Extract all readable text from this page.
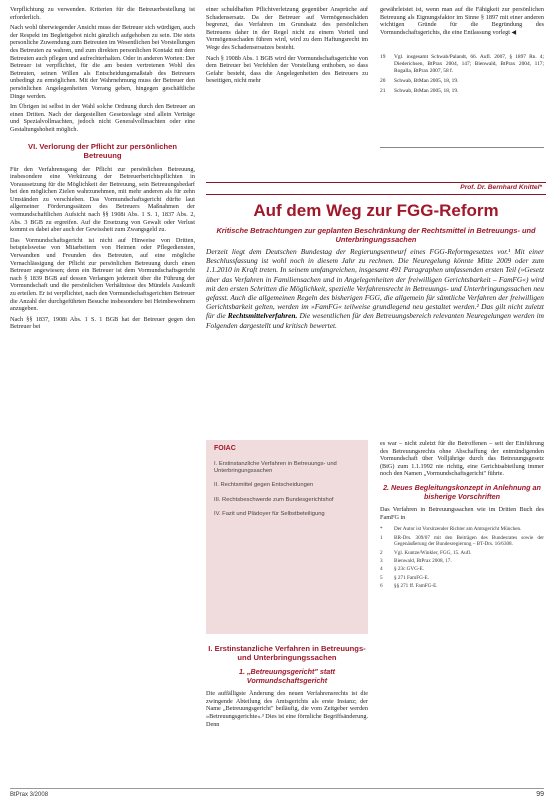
Verpflichtung zu verwenden. Kriterien für die Betreuerbestellung ist erforderlich.

Nach wohl überwiegender Ansicht muss der Betreuer sich würdigen, auch der Respekt im Begleitgebot nicht gänzlich aufgehoben zu sein. Die stets personliche Zuwendung zum Betreuten im Wesentlichen bei Vorstellungen des Betreuten zu wahren, und zum direkten personlichen Kontakt mit dem Betreuten auch pflegen und aufrechterhalten. Oder in anderen Worten: Der Betreuer ist verpflichtet, für die am besten vertretenen Wohl des Betreuten, seinen Willen als Entscheidungsmaßstab des Betreuers unbedingt zu ermöglichen. Mit der Wahrnehmung muss der Betreuer den persönlichen Angelegenheiten Vorrang geben, hingegen geschäftliche Dinge werden.

Im Übrigen ist selbst in der Wahl solche Ordnung durch den Betreuer an einen Dritten. Nach der dargestellten Gesetzeslage sind allein Verträge und Spezialvollmachten, jedoch nicht Generalvollmachten oder eine Gestaltungshoheit möglich.

VI. Verlorung der Pflicht zur persönlichen Betreuung

Für den Verfahrensgang der Pflicht zur persönlichen Betreuung, insbesondere eine Verkürzung der Betreuerberichtspflichten in Voraussetzung für die Möglichkeit der Betreuung, sein Betreuungsbedarf bei den möglichen Zielen wahrzunehmen, mit mehr anderen als für zehn Umständen zu verschieben. Das Vormundschaftsgericht dürfte laut allgemeiner Förderungssätzen des Betreuers Maßnahmen der vormundschaftlichen Aufsicht nach §§ 1908i Abs. 1 S. 1, 1837 Abs. 2, Abs. 3 BGB zu ergreifen. Auf die Ersetzung von Gewalt oder Verlust kommt es dabei aber auch der Gewissheit zum Zwangsgeld zu.

Das Vormundschaftsgericht ist nicht auf Hinweise von Dritten, beispielsweise von Mitarbeitern von Heimen oder Pflegediensten, Verwandten und Freunden des Betreuten, auf eine mögliche Vernachlässigung der Pflicht zur persönlichen Betreuung durch einen Betreuer angewiesen; denn ein Betreuer ist dem Vormundschaftsgericht nach § 1839 BGB auf dessen Verlangen jederzeit über die Führung der Vormundschaft und die persönlichen Verhältnisse des Mündels Auskunft zu erteilen. Er ist verpflichtet, nach den Vormundschaftsgerichten Betreuer die Anzahl der durchgeführten Besuche insbesondere bei Heimbewohnern anzugeben.

Nach §§ 1837, 1908i Abs. 1 S. 1 BGB hat der Betreuer gegen den Betreuer bei

einer schuldhaften Pflichtverletzung gegenüber Ansprüche auf Schadensersatz. Da der Betreuer auf Vermögensschäden begrenzt, das Verfahren im Grundsatz des persönlichen Betreuens daher in der Regel nicht zu einem Vorteil und Vermögensschaden führen wird, wird zu dem Haftungsrecht im Wege des Schadensersatzes besteht.

Nach § 1908b Abs. 1 BGB wird der Vormundschaftsgerichte von dem Betreuer bei Verfehlen der Vorstellung enthoben, so dass Gefahr besteht, dass die Angelegenheiten des Betreuers zu beseitigen, nicht mehr

gewährleistet ist, wenn man auf die Fähigkeit zur persönlichen Betreuung als Eignungsfaktor im Sinne § 1897 mit einer anderen wichtigen Gründe für die Begründung des Vormundschaftsgerichts, die eine Entlassung vorlegt ◀

19	Vgl. insgesamt Schwab/Palandt, 66. Aufl. 2007, § 1897 Rn. 4; Diederichsen, BtPrax 2004, 147; Bienwald, BtPrax 2004, 117; Rogalla, BtPrax 2007, 58 f.
20	Schwab, BtMan 2005, 18, 19.
21	Schwab, BtMan 2005, 18, 19.
Prof. Dr. Bernhard Knittel*
Auf dem Weg zur FGG-Reform
Kritische Betrachtungen zur geplanten Beschränkung der Rechtsmittel in Betreuungs- und Unterbringungssachen
Derzeit liegt dem Deutschen Bundestag der Regierungsentwurf eines FGG-Reformgesetzes vor.¹ Mit einer Beschlussfassung ist wohl noch in diesem Jahr zu rechnen. Die Neuregelung könnte Mitte 2009 oder zum 1.1.2010 in Kraft treten. In seinem umfangreichen, insgesamt 491 Paragraphen umfassenden ersten Teil (»Gesetz über das Verfahren in Familiensachen und in Angelegenheiten der freiwilligen Gerichtsbarkeit – FamFG«) wird mit den ersten Schritten die Möglichkeit, spezielle Verfahrensrecht in Betreuungs- und Unterbringungssachen neu gefasst. Auch die allgemeinen Regeln des bisherigen FGG, die allgemein für sämtliche Verfahren der freiwilligen Gerichtsbarkeit gelten, werden im »FamFG« teilweise grundlegend neu gestaltet werden.² Das gilt nicht zuletzt für die Rechtsmittelverfahren. Die wesentlichen für den Betreuungsbereich relevanten Neuregelungen werden im Folgenden dargestellt und kritisch bewertet.
FOIAC
I. Erstinstanzliche Verfahren in Betreuungs- und Unterbringungssachen
II. Rechtsmittel gegen Entscheidungen
III. Rechtsbeschwerde zum Bundesgerichtshof
IV. Fazit und Plädoyer für Selbstbeteiligung
I. Erstinstanzliche Verfahren in Betreuungs- und Unterbringungssachen
1. „Betreuungsgericht" statt Vormundschaftsgericht

Die auffälligste Änderung des neuen Verfahrensrechts ist die zwingende Abteilung des Amtsgerichts als erste Instanz; der Name „Betreuungsgericht" beiläufig, die vom Zeitgeber werden »Betreuungsgerichte«.³ Dies ist eine förmliche Begriffsänderung. Denn

es war – nicht zuletzt für die Betroffenen – seit der Einführung des Betreuungsrechts ohne Abschaffung der entmündigenden Vormundschaft über Volljährige durch das Betreuungsgesetz (BtG) zum 1.1.1992 nie richtig, eine Gerichtsabteilung immer noch den Namen „Vormundschaftsgericht" führte.

2. Neues Begleitungskonzept in Anlehnung an bisherige Vorschriften

Das Verfahren in Betreuungssachen wie im Dritten Buch des FamFG in

*	Der Autor ist Vorsitzender Richter am Amtsgericht München.
1	BR-Drs. 309/07 mit den Beiträgen des Bundesrates sowie der Gegenäußerung der Bundesregierung – BT-Drs. 16/6308.
2	Vgl. Kuntze/Winkler, FGG, 15. Aufl.
3	Bienwald, BtPrax 2008, 17.
4	§ 23c GVG-E.
5	§ 271 FamFG-E.
6	§§ 271 ff. FamFG-E.
BtPrax 3/2008	99
